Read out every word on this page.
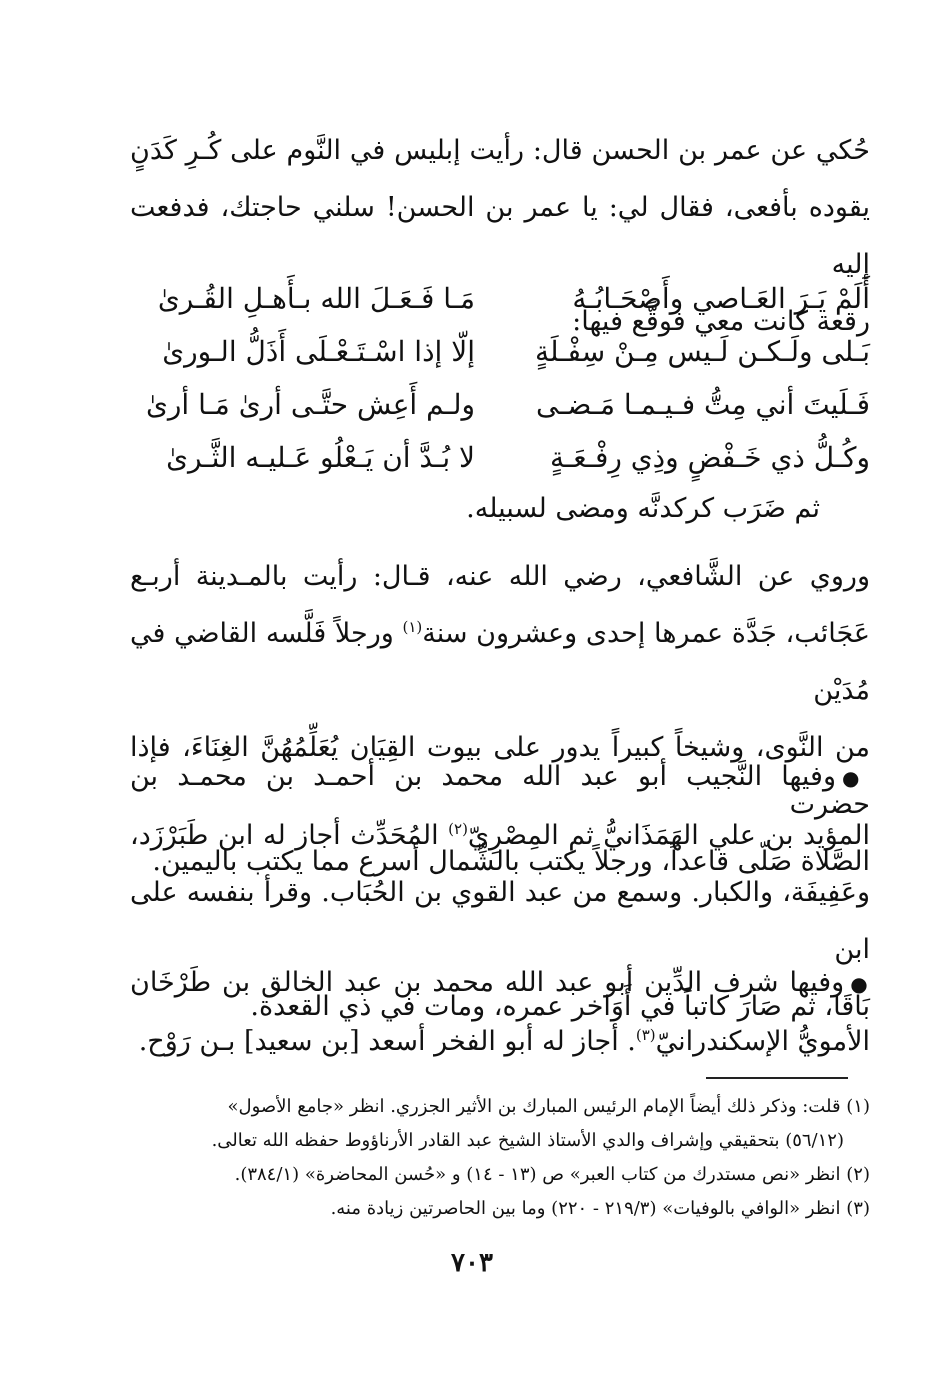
حُكي عن عمر بن الحسن قال: رأيت إبليس في النَّوم على كُـرِ كَدَنٍ

يقوده بأفعى، فقال لي: يا عمر بن الحسن! سلني حاجتك، فدفعت إليه

رقعة كانت معي فوقَّع فيها:

أَلَمْ يَـرَ العَـاصي وأَصْحَـابُـهُ
مَـا فَـعَـلَ الله بـأَهـلِ القُـرىٰ
بَـلى ولَـكـن لَـيس مِـنْ سِفْـلَةٍ
إلّا إذا اسْـتَـعْـلَى أَذَلُّ الـورىٰ
فَـلَيتَ أني مِتُّ فـيـمـا مَـضـى
ولـم أَعِش حتَّـى أرىٰ مَـا أرىٰ
وكُـلُّ ذي خَـفْضٍ وذِي رِفْـعَـةٍ
لا بُـدَّ أن يَـعْلُو عَـليـه الثَّـرىٰ

ثم ضَرَب كركدنَّه ومضى لسبيله.

وروي عن الشَّافعي، رضي الله عنه، قـال: رأيت بالمـدينة أربـع

عَجَائب، جَدَّة عمرها إحدى وعشرون سنة$^{(١)}$ ورجلاً فَلَّسه القاضي في مُدَيْن

من النَّوى، وشيخاً كبيراً يدور على بيوت القِيَان يُعَلِّمُهُنَّ الغِنَاءَ، فإذا حضرت

الصَّلاة صَلّى قاعداً، ورجلاً يكتب بالشِّمال أسرع مما يكتب باليمين.

●وفيها النَّجيب أبو عبد الله محمد بن أحمـد بن محمـد بن

المؤيد بن علي الهَمَذَانيُّ ثم المِصْرِيّ$^{(٢)}$ المُحَدِّث أجاز له ابن طَبَرْزَد،

وعَفِيفَة، والكبار. وسمع من عبد القوي بن الحُبَاب. وقرأ بنفسه على ابن

بَاقَا، ثم صَارَ كاتباً في أَوَاخر عمره، ومات في ذي القعدة.

●وفيها شرف الدِّين أبو عبد الله محمد بن عبد الخالق بن طَرْخَان

الأمويُّ الإسكندرانيّ$^{(٣)}$. أجاز له أبو الفخر أسعد [بن سعيد] بـن رَوْح.

(١) قلت: وذكر ذلك أيضاً الإمام الرئيس المبارك بن الأثير الجزري. انظر «جامع الأصول»

(٥٦/١٢) بتحقيقي وإشراف والدي الأستاذ الشيخ عبد القادر الأرناؤوط حفظه الله تعالى.

(٢) انظر «نص مستدرك من كتاب العبر» ص (١٣ - ١٤) و «حُسن المحاضرة» (٣٨٤/١).

(٣) انظر «الوافي بالوفيات» (٢١٩/٣ - ٢٢٠) وما بين الحاصرتين زيادة منه.

٧٠٣
